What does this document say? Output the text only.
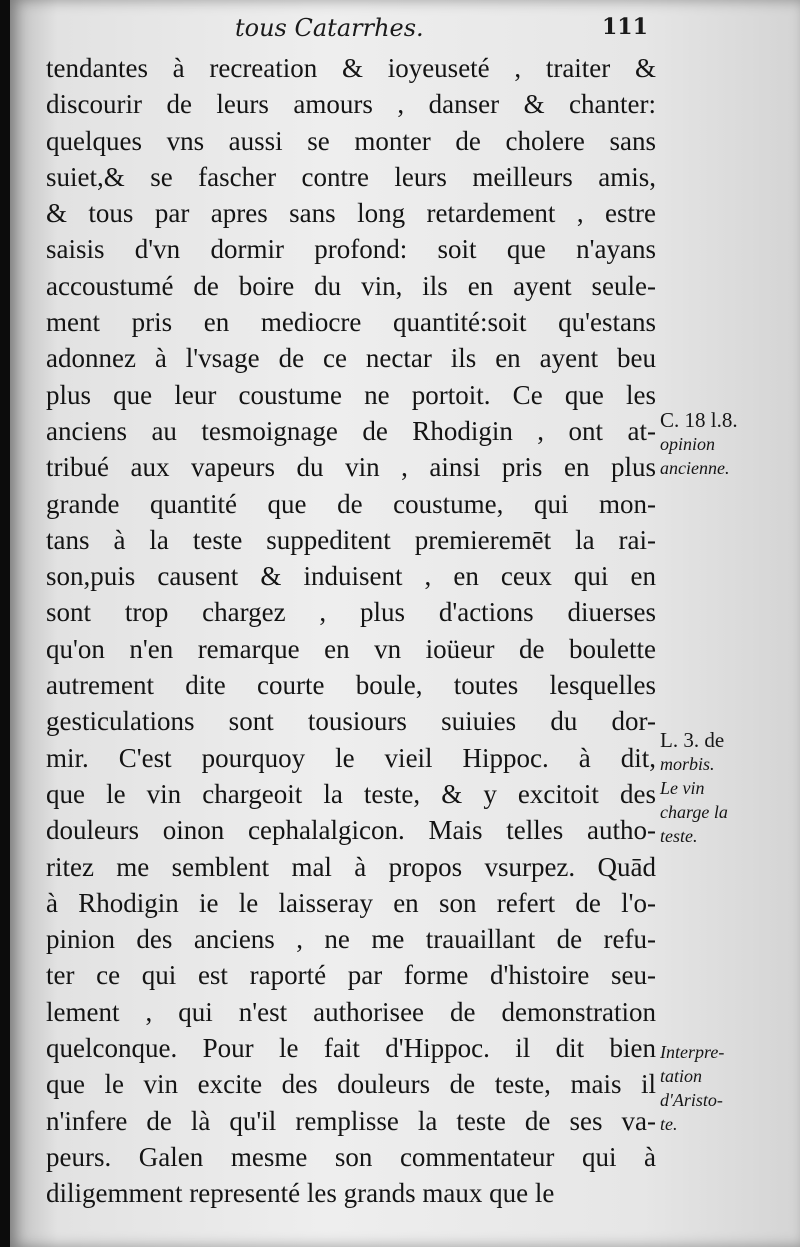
tous Catarrhes.	111
tendantes à recreation & ioyeuseté , traiter &
discourir de leurs amours , danser & chanter:
quelques vns aussi se monter de cholere sans
suiet,& se fascher contre leurs meilleurs amis,
& tous par apres sans long retardement , estre
saisis d'vn dormir profond: soit que n'ayans
accoustumé de boire du vin, ils en ayent seule-
ment pris en mediocre quantité:soit qu'estans
adonnez à l'vsage de ce nectar ils en ayent beu
plus que leur coustume ne portoit. Ce que les
anciens au tesmoignage de Rhodigin , ont at-
tribué aux vapeurs du vin , ainsi pris en plus
grande quantité que de coustume, qui mon-
tans à la teste suppeditent premieremēt la rai-
son,puis causent & induisent , en ceux qui en
sont trop chargez , plus d'actions diuerses
qu'on n'en remarque en vn ioüeur de boulette
autrement dite courte boule, toutes lesquelles
gesticulations sont tousiours suiuies du dor-
mir. C'est pourquoy le vieil Hippoc. à dit,
que le vin chargeoit la teste, & y excitoit des
douleurs oinon cephalalgicon. Mais telles autho-
ritez me semblent mal à propos vsurpez. Quād
à Rhodigin ie le laisseray en son refert de l'o-
pinion des anciens , ne me trauaillant de refu-
ter ce qui est raporté par forme d'histoire seu-
lement , qui n'est authorisee de demonstration
quelconque. Pour le fait d'Hippoc. il dit bien
que le vin excite des douleurs de teste, mais il
n'infere de là qu'il remplisse la teste de ses va-
peurs. Galen mesme son commentateur qui à
diligemment representé les grands maux que le
C. 18 l.8.
opinion
ancienne.
L. 3. de
morbis.
Le vin
charge la
teste.
Interpre-
tation
d'Aristo-
te.
